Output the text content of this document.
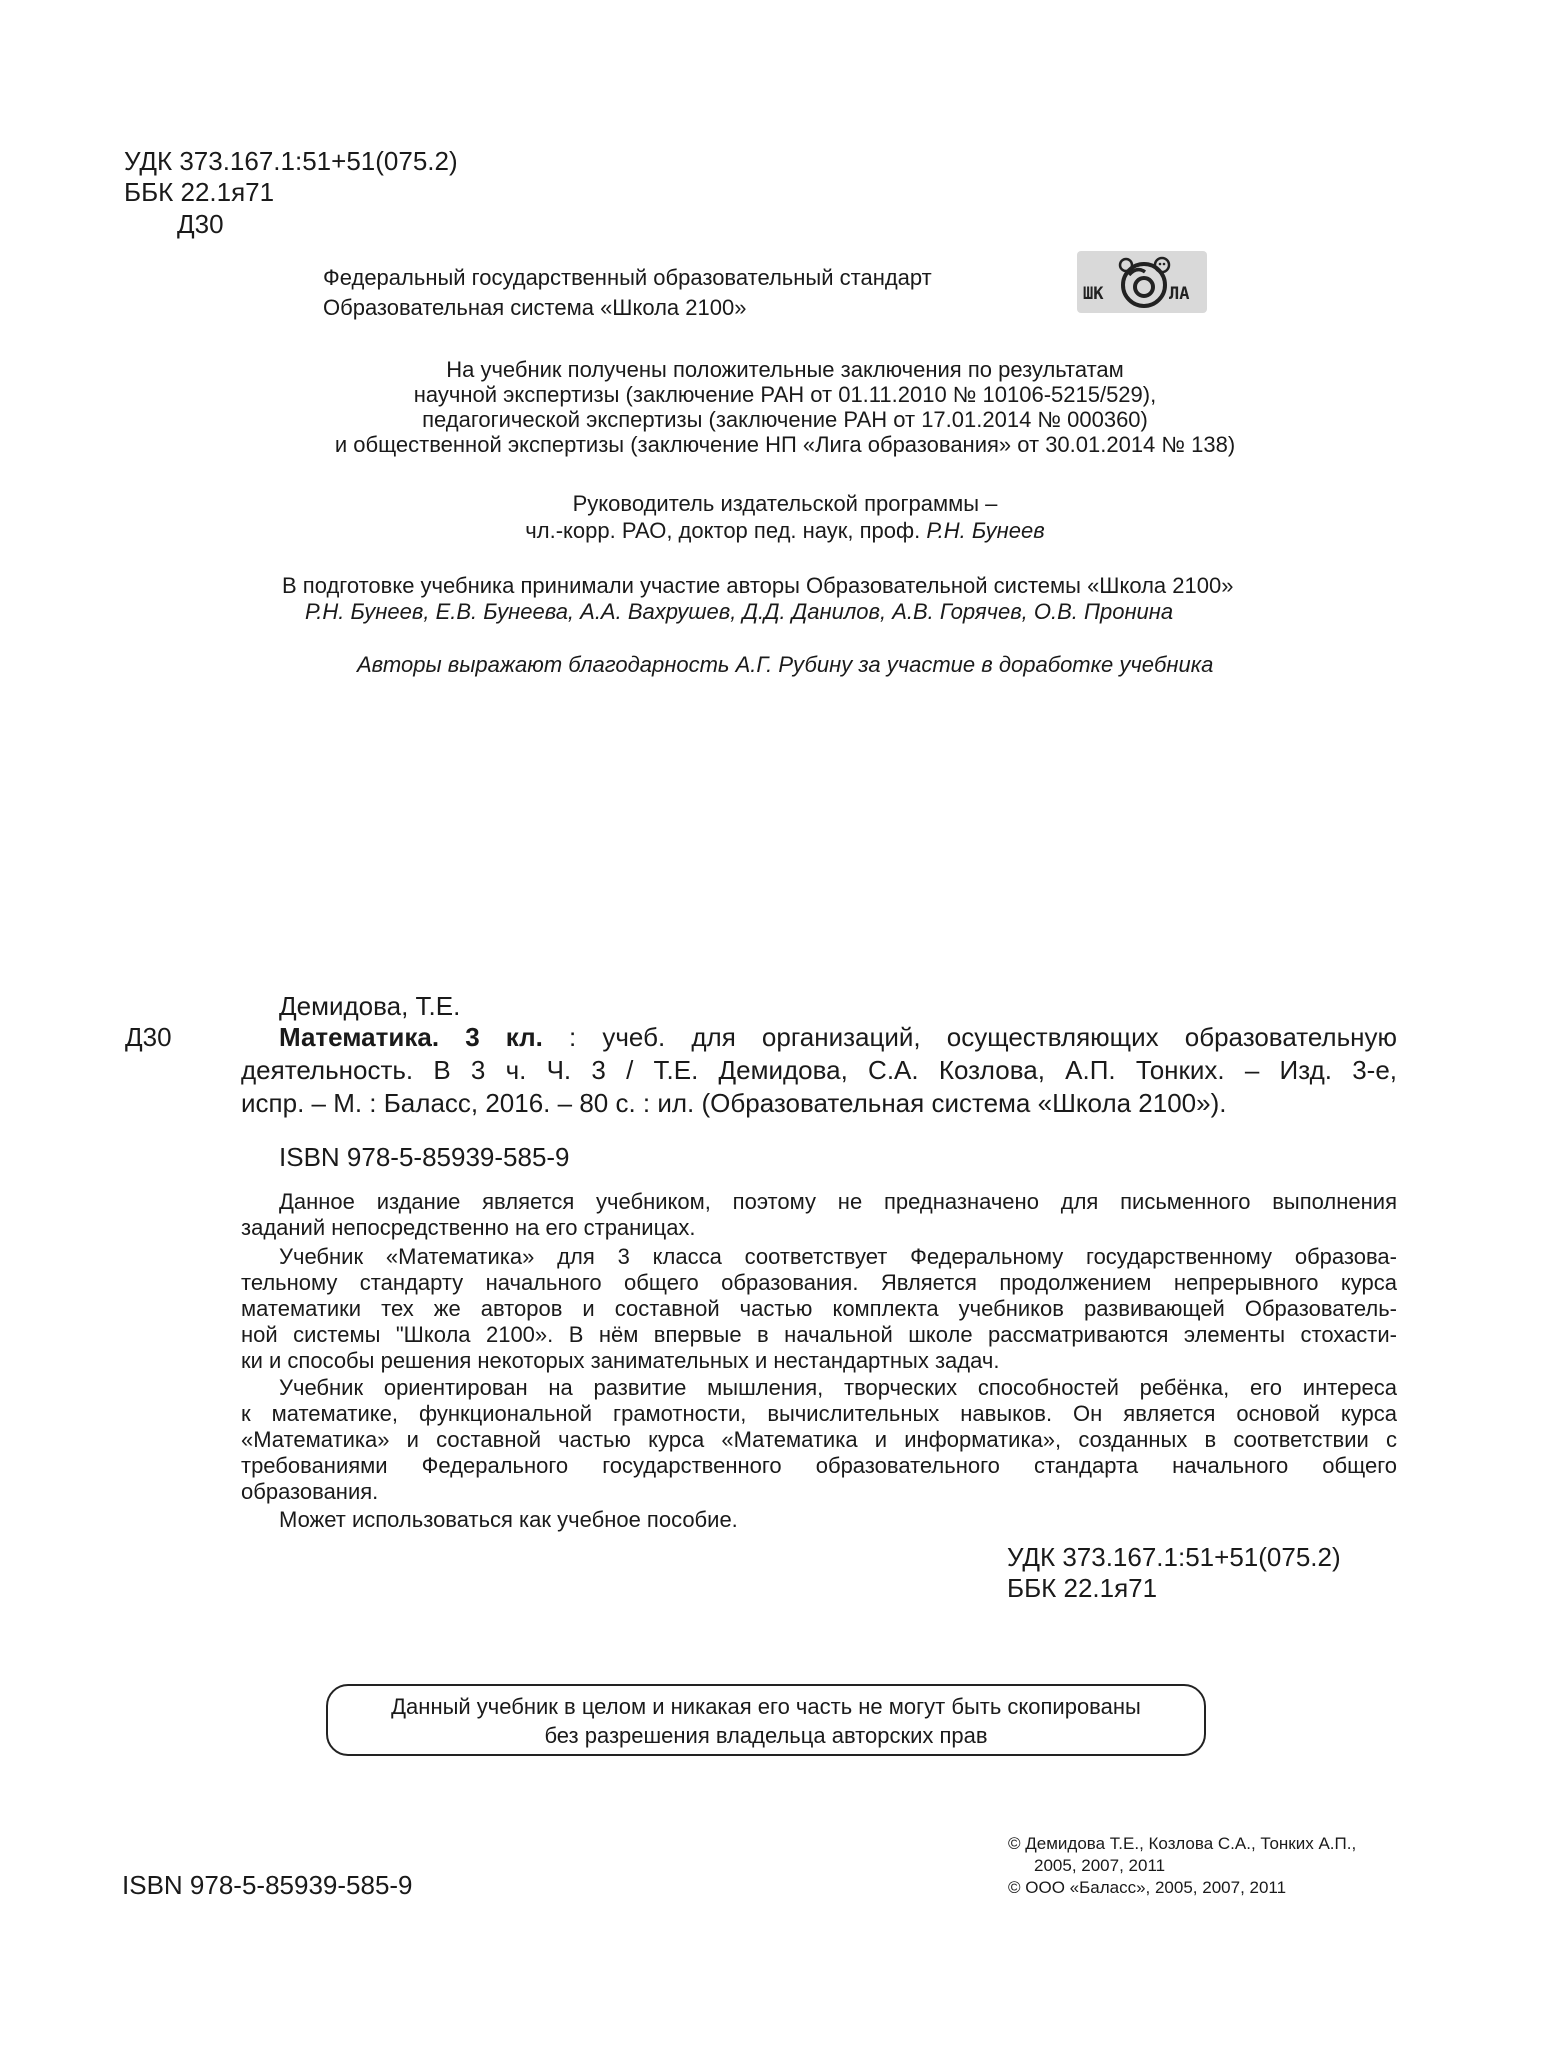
УДК 373.167.1:51+51(075.2)
ББК 22.1я71
Д30
Федеральный государственный образовательный стандарт
Образовательная система «Школа 2100»
ШК	ЛА
На учебник получены положительные заключения по результатам
научной экспертизы (заключение РАН от 01.11.2010 № 10106-5215/529),
педагогической экспертизы (заключение РАН от 17.01.2014 № 000360)
и общественной экспертизы (заключение НП «Лига образования» от 30.01.2014 № 138)
Руководитель издательской программы –
чл.-корр. РАО, доктор пед. наук, проф. Р.Н. Бунеев
В подготовке учебника принимали участие авторы Образовательной системы «Школа 2100»
Р.Н. Бунеев, Е.В. Бунеева, А.А. Вахрушев, Д.Д. Данилов, А.В. Горячев, О.В. Пронина
Авторы выражают благодарность А.Г. Рубину за участие в доработке учебника
Д30
Демидова, Т.Е.
Математика. 3 кл. : учеб. для организаций, осуществляющих образовательную
деятельность. В 3 ч. Ч. 3 / Т.Е. Демидова, С.А. Козлова, А.П. Тонких. – Изд. 3-е,
испр. – М. : Баласс, 2016. – 80 с. : ил. (Образовательная система «Школа 2100»).
ISBN 978-5-85939-585-9
Данное издание является учебником, поэтому не предназначено для письменного выполнения
заданий непосредственно на его страницах.
Учебник «Математика» для 3 класса соответствует Федеральному государственному образова-
тельному стандарту начального общего образования. Является продолжением непрерывного курса
математики тех же авторов и составной частью комплекта учебников развивающей Образователь-
ной системы "Школа 2100». В нём впервые в начальной школе рассматриваются элементы стохасти-
ки и способы решения некоторых занимательных и нестандартных задач.
Учебник ориентирован на развитие мышления, творческих способностей ребёнка, его интереса
к математике, функциональной грамотности, вычислительных навыков. Он является основой курса
«Математика» и составной частью курса «Математика и информатика», созданных в соответствии с
требованиями Федерального государственного образовательного стандарта начального общего
образования.
Может использоваться как учебное пособие.
УДК 373.167.1:51+51(075.2)
ББК 22.1я71
Данный учебник в целом и никакая его часть не могут быть скопированы
без разрешения владельца авторских прав
ISBN 978-5-85939-585-9
© Демидова Т.Е., Козлова С.А., Тонких А.П.,
2005, 2007, 2011
© ООО «Баласс», 2005, 2007, 2011
